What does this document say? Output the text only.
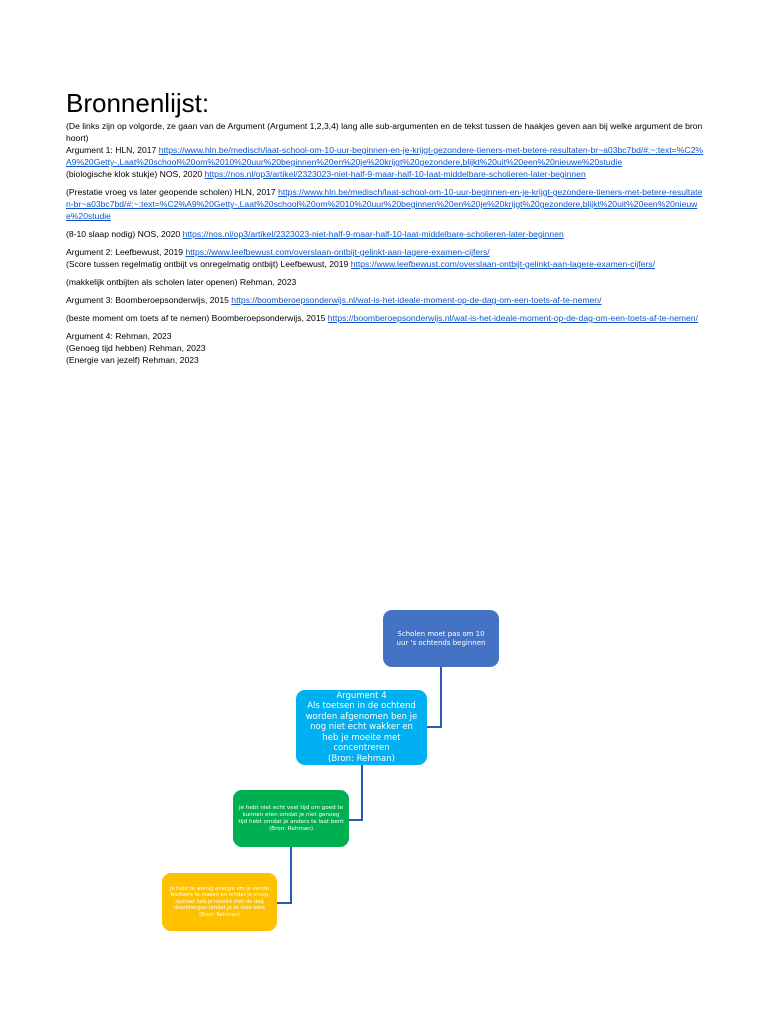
Bronnenlijst:

(De links zijn op volgorde, ze gaan van de Argument (Argument 1,2,3,4) lang alle sub-argumenten en de tekst tussen de haakjes geven aan bij welke argument de bron hoort)

Argument 1: HLN, 2017 https://www.hln.be/medisch/laat-school-om-10-uur-beginnen-en-je-krijgt-gezondere-tieners-met-betere-resultaten-br~a03bc7bd/#:~:text=%C2%A9%20Getty-,Laat%20school%20om%2010%20uur%20beginnen%20en%20je%20krijgt%20gezondere,blijkt%20uit%20een%20nieuwe%20studie

(biologische klok stukje) NOS, 2020 https://nos.nl/op3/artikel/2323023-niet-half-9-maar-half-10-laat-middelbare-scholieren-later-beginnen

(Prestatie vroeg vs later geopende scholen) HLN, 2017 https://www.hln.be/medisch/laat-school-om-10-uur-beginnen-en-je-krijgt-gezondere-tieners-met-betere-resultaten-br~a03bc7bd/#:~:text=%C2%A9%20Getty-,Laat%20school%20om%2010%20uur%20beginnen%20en%20je%20krijgt%20gezondere,blijkt%20uit%20een%20nieuwe%20studie

(8-10 slaap nodig) NOS, 2020 https://nos.nl/op3/artikel/2323023-niet-half-9-maar-half-10-laat-middelbare-scholieren-later-beginnen

Argument 2: Leefbewust, 2019 https://www.leefbewust.com/overslaan-ontbijt-gelinkt-aan-lagere-examen-cijfers/

(Score tussen regelmatig ontbijt vs onregelmatig ontbijt) Leefbewust, 2019 https://www.leefbewust.com/overslaan-ontbijt-gelinkt-aan-lagere-examen-cijfers/

(makkelijk ontbijten als scholen later openen) Rehman, 2023

Argument 3: Boomberoepsonderwijs, 2015 https://boomberoepsonderwijs.nl/wat-is-het-ideale-moment-op-de-dag-om-een-toets-af-te-nemen/

(beste moment om toets af te nemen) Boomberoepsonderwijs, 2015 https://boomberoepsonderwijs.nl/wat-is-het-ideale-moment-op-de-dag-om-een-toets-af-te-nemen/

Argument 4: Rehman, 2023

(Genoeg tijd hebben) Rehman, 2023

(Energie van jezelf) Rehman, 2023

Scholen moet pas om 10 uur 's ochtends beginnen
Argument 4
Als toetsen in de ochtend worden afgenomen ben je nog niet echt wakker en heb je moeite met concentreren
(Bron: Rehman)
Je hebt niet echt veel tijd om goed te kunnen eten omdat je niet genoeg tijd hebt omdat je anders te laat bent
(Bron: Rehman)
Je hebt te weinig energie om je eerste les/toets te maken en omdat je vroeg opstaat heb je moeite met de dag doorbrengen omdat je te moe bent
(Bron: Rehman)
